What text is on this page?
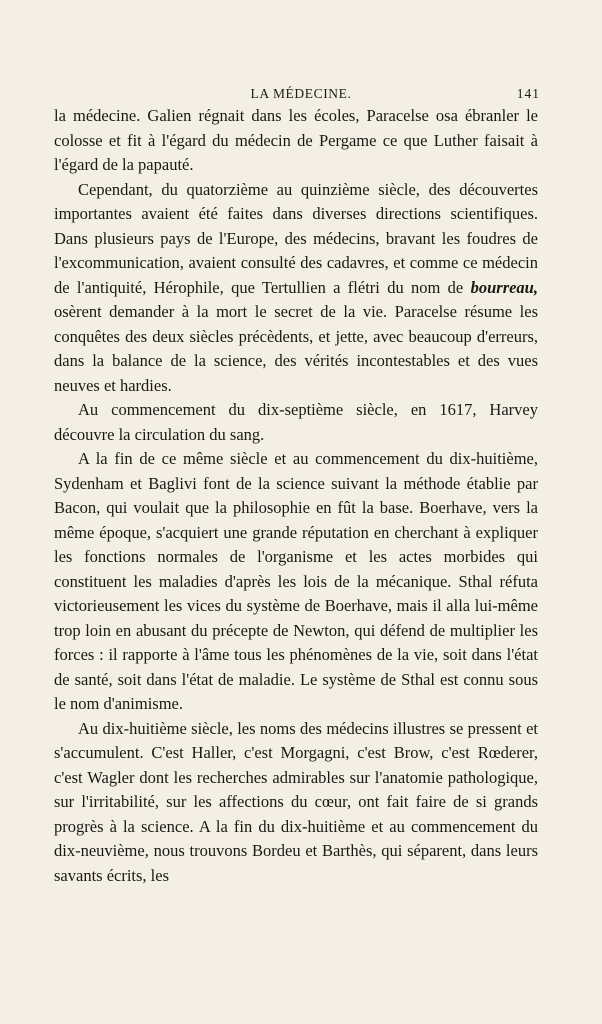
LA MÉDECINE.	141

la médecine. Galien régnait dans les écoles, Paracelse osa ébranler le colosse et fit à l'égard du médecin de Pergame ce que Luther faisait à l'égard de la papauté.

Cependant, du quatorzième au quinzième siècle, des découvertes importantes avaient été faites dans diverses directions scientifiques. Dans plusieurs pays de l'Europe, des médecins, bravant les foudres de l'excommunication, avaient consulté des cadavres, et comme ce médecin de l'antiquité, Hérophile, que Tertullien a flétri du nom de bourreau, osèrent demander à la mort le secret de la vie. Paracelse résume les conquêtes des deux siècles précèdents, et jette, avec beaucoup d'erreurs, dans la balance de la science, des vérités incontestables et des vues neuves et hardies.

Au commencement du dix-septième siècle, en 1617, Harvey découvre la circulation du sang.

A la fin de ce même siècle et au commencement du dix-huitième, Sydenham et Baglivi font de la science suivant la méthode établie par Bacon, qui voulait que la philosophie en fût la base. Boerhave, vers la même époque, s'acquiert une grande réputation en cherchant à expliquer les fonctions normales de l'organisme et les actes morbides qui constituent les maladies d'après les lois de la mécanique. Sthal réfuta victorieusement les vices du système de Boerhave, mais il alla lui-même trop loin en abusant du précepte de Newton, qui défend de multiplier les forces : il rapporte à l'âme tous les phénomènes de la vie, soit dans l'état de santé, soit dans l'état de maladie. Le système de Sthal est connu sous le nom d'animisme.

Au dix-huitième siècle, les noms des médecins illustres se pressent et s'accumulent. C'est Haller, c'est Morgagni, c'est Brow, c'est Rœderer, c'est Wagler dont les recherches admirables sur l'anatomie pathologique, sur l'irritabilité, sur les affections du cœur, ont fait faire de si grands progrès à la science. A la fin du dix-huitième et au commencement du dix-neuvième, nous trouvons Bordeu et Barthès, qui séparent, dans leurs savants écrits, les
